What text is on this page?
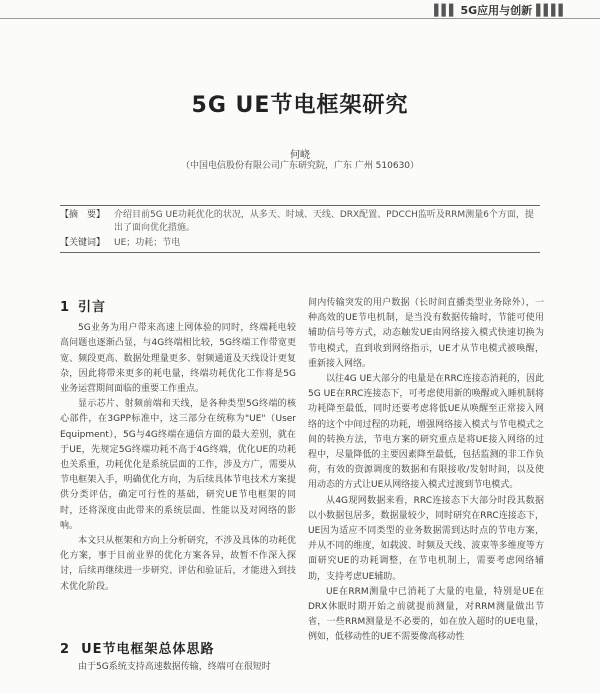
▌▌▌ 5G应用与创新 ▌▌▌▌
5G UE节电框架研究
何峣
（中国电信股份有限公司广东研究院，广东 广州 510630）
【摘　要】 介绍目前5G UE功耗优化的状况，从多天、时域、天线、DRX配置、PDCCH监听及RRM测量6个方面，提出了面向优化措施。
【关键词】 UE；功耗；节电
1 引言

5G业务为用户带来高速上网体验的同时，终端耗电较高问题也逐渐凸显，与4G终端相比较，5G终端工作带宽更宽、频段更高、数据处理量更多、射频通道及天线设计更复杂，因此将带来更多的耗电量，终端功耗优化工作将是5G业务运营期间面临的重要工作重点。

显示芯片、射频前端和天线，是各种类型5G终端的核心部件，在3GPP标准中，这三部分在统称为"UE"（User Equipment），5G与4G终端在通信方面的最大差别，就在于UE，先规定5G终端功耗不高于4G终端，优化UE的功耗也关系重，功耗优化是系统层面的工作，涉及方广，需要从节电框架入手，明确优化方向，为后续具体节电技术方案提供分类评估，确定可行性的基础，研究UE节电框架的同时，还将深度由此带来的系统层面、性能以及对网络的影响。

本文只从框架和方向上分析研究，不涉及具体的功耗优化方案，事于目前业界的优化方案各异，故暂不作深入探讨，后续再继续进一步研究、评估和验证后，才能进入到技术优化阶段。

2 UE节电框架总体思路
由于5G系统支持高速数据传输，终端可在很短时

间内传输突发的用户数据（长时间直播类型业务除外），一种高效的UE节电机制，是当没有数据传输时，节能可使用辅助信号等方式，动态触发UE由网络接入模式快速切换为节电模式，直到收到网络指示，UE才从节电模式被唤醒，重新接入网络。

以往4G UE大部分的电量是在RRC连接态消耗的，因此5G UE在RRC连接态下，可考虑使用新的唤醒或入睡机制将功耗降至最低，同时还要考虑将低UE从唤醒至正常接入网络的这个中间过程的功耗，增强网络接入模式与节电模式之间的转换方法，节电方案的研究重点是将UE接入网络的过程中，尽量降低的主要因素降至最低，包括监测的非工作负荷，有效的资源调度的数据和有限接收/发射时间，以及使用动态的方式让UE从网络接入模式过渡到节电模式。

从4G现网数据来看，RRC连接态下大部分时段其数据以小数据包居多，数据量较少，同时研究在RRC连接态下，UE因为适应不同类型的业务数据需到达时点的节电方案，并从不同的维度，如载波、时频及天线、波束等多维度等方面研究UE的功耗调整，在节电机制上，需要考虑网络辅助，支持考虑UE辅助。

UE在RRM测量中已消耗了大量的电量，特别是UE在DRX休眠时期开始之前就提前测量，对RRM测量做出节省，一些RRM测量是不必要的，如在放入超时的UE电量，例如，低移动性的UE不需要像高移动性
